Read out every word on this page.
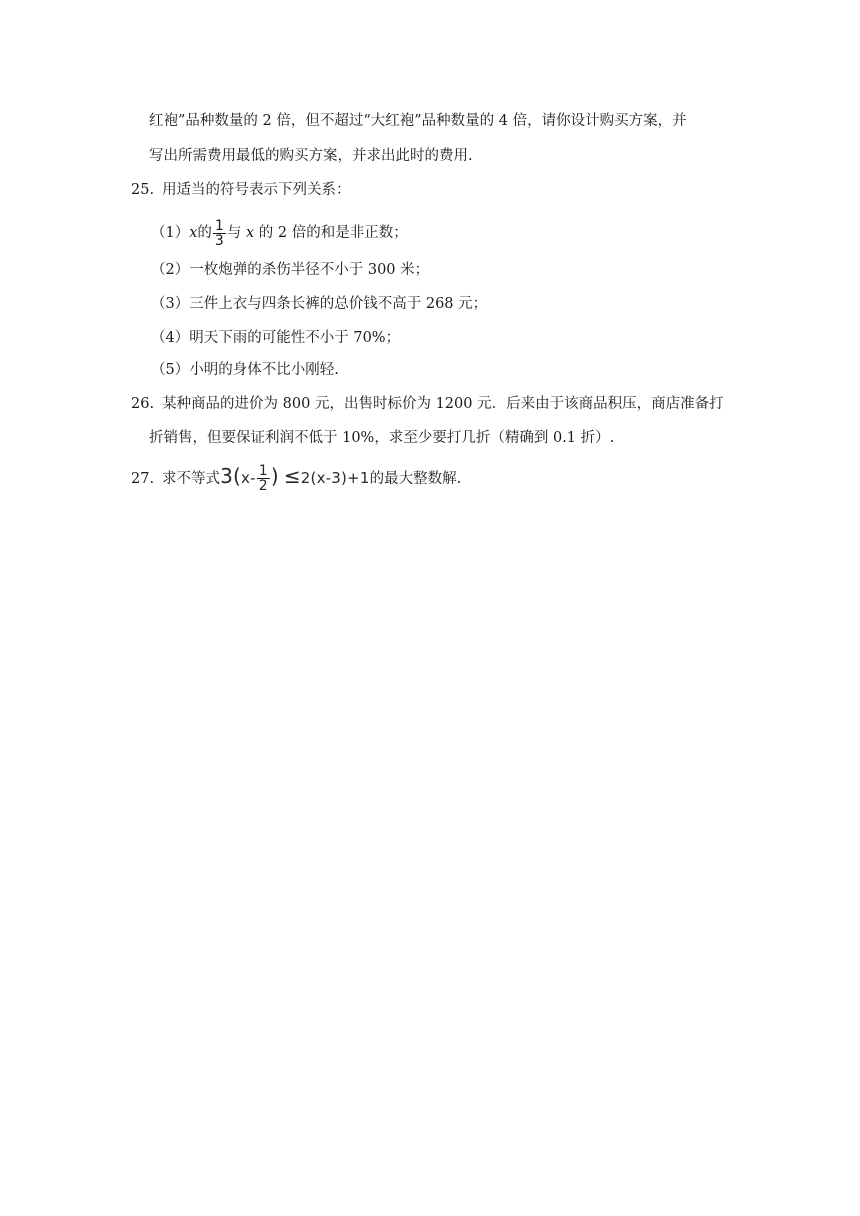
红袍”品种数量的 2 倍，但不超过“大红袍”品种数量的 4 倍，请你设计购买方案，并
写出所需费用最低的购买方案，并求出此时的费用.
25. 用适当的符号表示下列关系：
（1）x的 $\frac{1}{3}$ 与 x 的 2 倍的和是非正数；
（2）一枚炮弹的杀伤半径不小于 300 米；
（3）三件上衣与四条长裤的总价钱不高于 268 元；
（4）明天下雨的可能性不小于 70%；
（5）小明的身体不比小刚轻.
26. 某种商品的进价为 800 元，出售时标价为 1200 元．后来由于该商品积压，商店准备打
折销售，但要保证利润不低于 10%，求至少要打几折（精确到 0.1 折）.
27. 求不等式$3(x- \frac{1}{2}$ ) ≤2(x-3)+1的最大整数解.
